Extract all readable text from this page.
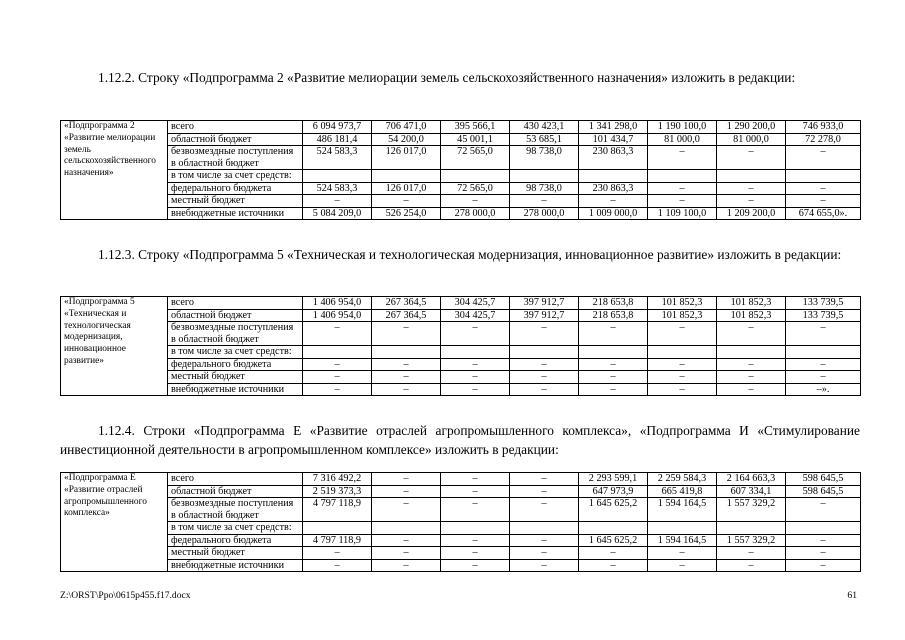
1.12.2. Строку «Подпрограмма 2 «Развитие мелиорации земель сельскохозяйственного назначения» изложить в редакции:

«Подпрограмма 2 «Развитие мелиорации земель сельскохозяйственного назначения»	всего	6 094 973,7	706 471,0	395 566,1	430 423,1	1 341 298,0	1 190 100,0	1 290 200,0	746 933,0
	областной бюджет	486 181,4	54 200,0	45 001,1	53 685,1	101 434,7	81 000,0	81 000,0	72 278,0
	безвозмездные поступления в областной бюджет	524 583,3	126 017,0	72 565,0	98 738,0	230 863,3	–	–	–
	в том числе за счет средств:								
	федерального бюджета	524 583,3	126 017,0	72 565,0	98 738,0	230 863,3	–	–	–
	местный бюджет	–	–	–	–	–	–	–	–
	внебюджетные источники	5 084 209,0	526 254,0	278 000,0	278 000,0	1 009 000,0	1 109 100,0	1 209 200,0	674 655,0».

1.12.3. Строку «Подпрограмма 5 «Техническая и технологическая модернизация, инновационное развитие» изложить в редакции:

«Подпрограмма 5 «Техническая и технологическая модернизация, инновационное развитие»	всего	1 406 954,0	267 364,5	304 425,7	397 912,7	218 653,8	101 852,3	101 852,3	133 739,5
	областной бюджет	1 406 954,0	267 364,5	304 425,7	397 912,7	218 653,8	101 852,3	101 852,3	133 739,5
	безвозмездные поступления в областной бюджет	–	–	–	–	–	–	–	–
	в том числе за счет средств:								
	федерального бюджета	–	–	–	–	–	–	–	–
	местный бюджет	–	–	–	–	–	–	–	–
	внебюджетные источники	–	–	–	–	–	–	–	–».

1.12.4. Строки «Подпрограмма Е «Развитие отраслей агропромышленного комплекса», «Подпрограмма И «Стимулирование инвестиционной деятельности в агропромышленном комплексе» изложить в редакции:

«Подпрограмма Е «Развитие отраслей агропромышленного комплекса»	всего	7 316 492,2	–	–	–	2 293 599,1	2 259 584,3	2 164 663,3	598 645,5
	областной бюджет	2 519 373,3	–	–	–	647 973,9	665 419,8	607 334,1	598 645,5
	безвозмездные поступления в областной бюджет	4 797 118,9	–	–	–	1 645 625,2	1 594 164,5	1 557 329,2	–
	в том числе за счет средств:								
	федерального бюджета	4 797 118,9	–	–	–	1 645 625,2	1 594 164,5	1 557 329,2	–
	местный бюджет	–	–	–	–	–	–	–	–
	внебюджетные источники	–	–	–	–	–	–	–	–
Z:\ORST\Ppo\0615p455.f17.docx	61
